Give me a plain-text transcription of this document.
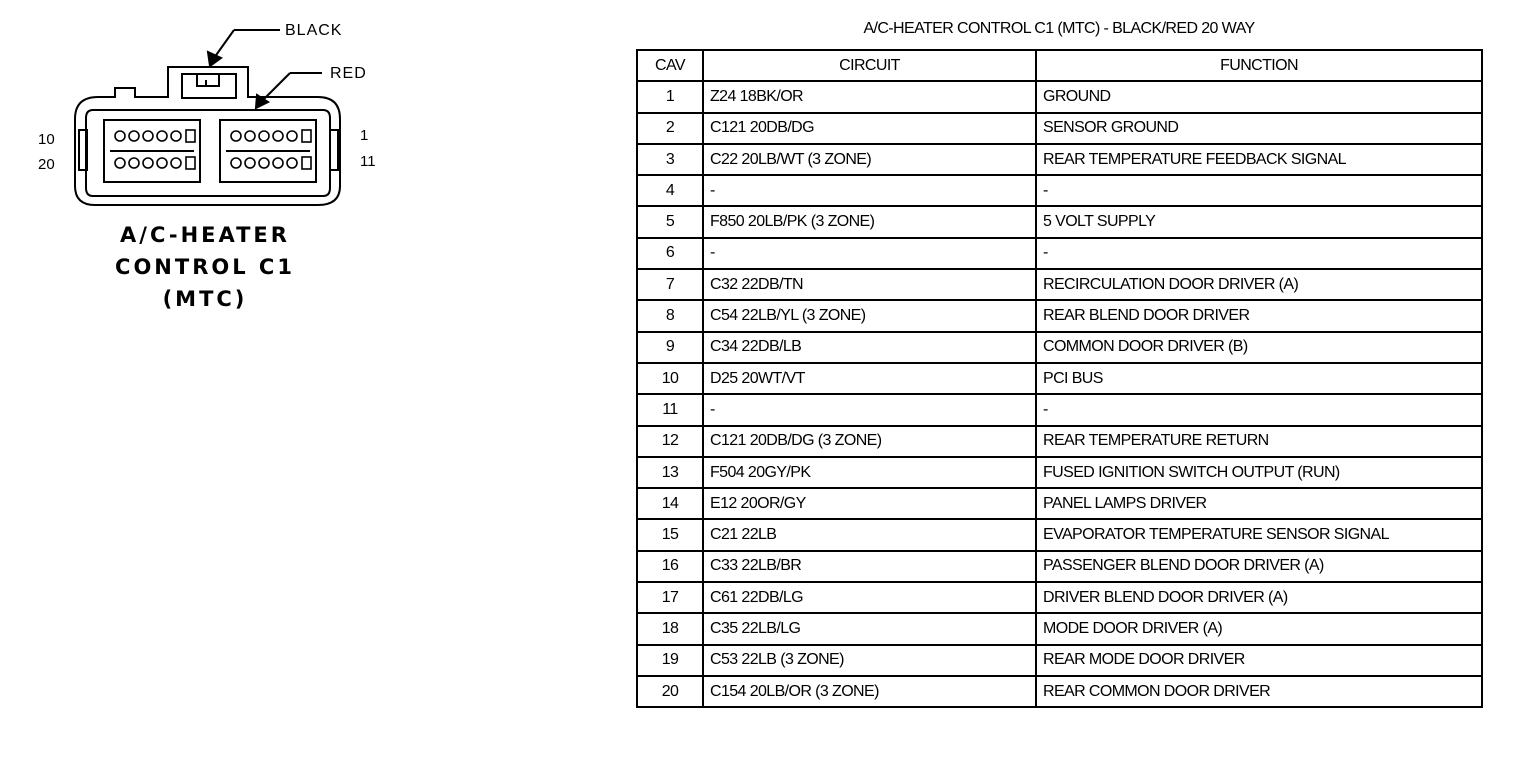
BLACK
RED
10
20
1
11
A/C-HEATER
CONTROL C1
(MTC)
A/C-HEATER CONTROL C1 (MTC) - BLACK/RED 20 WAY
CAV	CIRCUIT	FUNCTION
1	Z24 18BK/OR	GROUND
2	C121 20DB/DG	SENSOR GROUND
3	C22 20LB/WT (3 ZONE)	REAR TEMPERATURE FEEDBACK SIGNAL
4	-	-
5	F850 20LB/PK (3 ZONE)	5 VOLT SUPPLY
6	-	-
7	C32 22DB/TN	RECIRCULATION DOOR DRIVER (A)
8	C54 22LB/YL (3 ZONE)	REAR BLEND DOOR DRIVER
9	C34 22DB/LB	COMMON DOOR DRIVER (B)
10	D25 20WT/VT	PCI BUS
11	-	-
12	C121 20DB/DG (3 ZONE)	REAR TEMPERATURE RETURN
13	F504 20GY/PK	FUSED IGNITION SWITCH OUTPUT (RUN)
14	E12 20OR/GY	PANEL LAMPS DRIVER
15	C21 22LB	EVAPORATOR TEMPERATURE SENSOR SIGNAL
16	C33 22LB/BR	PASSENGER BLEND DOOR DRIVER (A)
17	C61 22DB/LG	DRIVER BLEND DOOR DRIVER (A)
18	C35 22LB/LG	MODE DOOR DRIVER (A)
19	C53 22LB (3 ZONE)	REAR MODE DOOR DRIVER
20	C154 20LB/OR (3 ZONE)	REAR COMMON DOOR DRIVER
